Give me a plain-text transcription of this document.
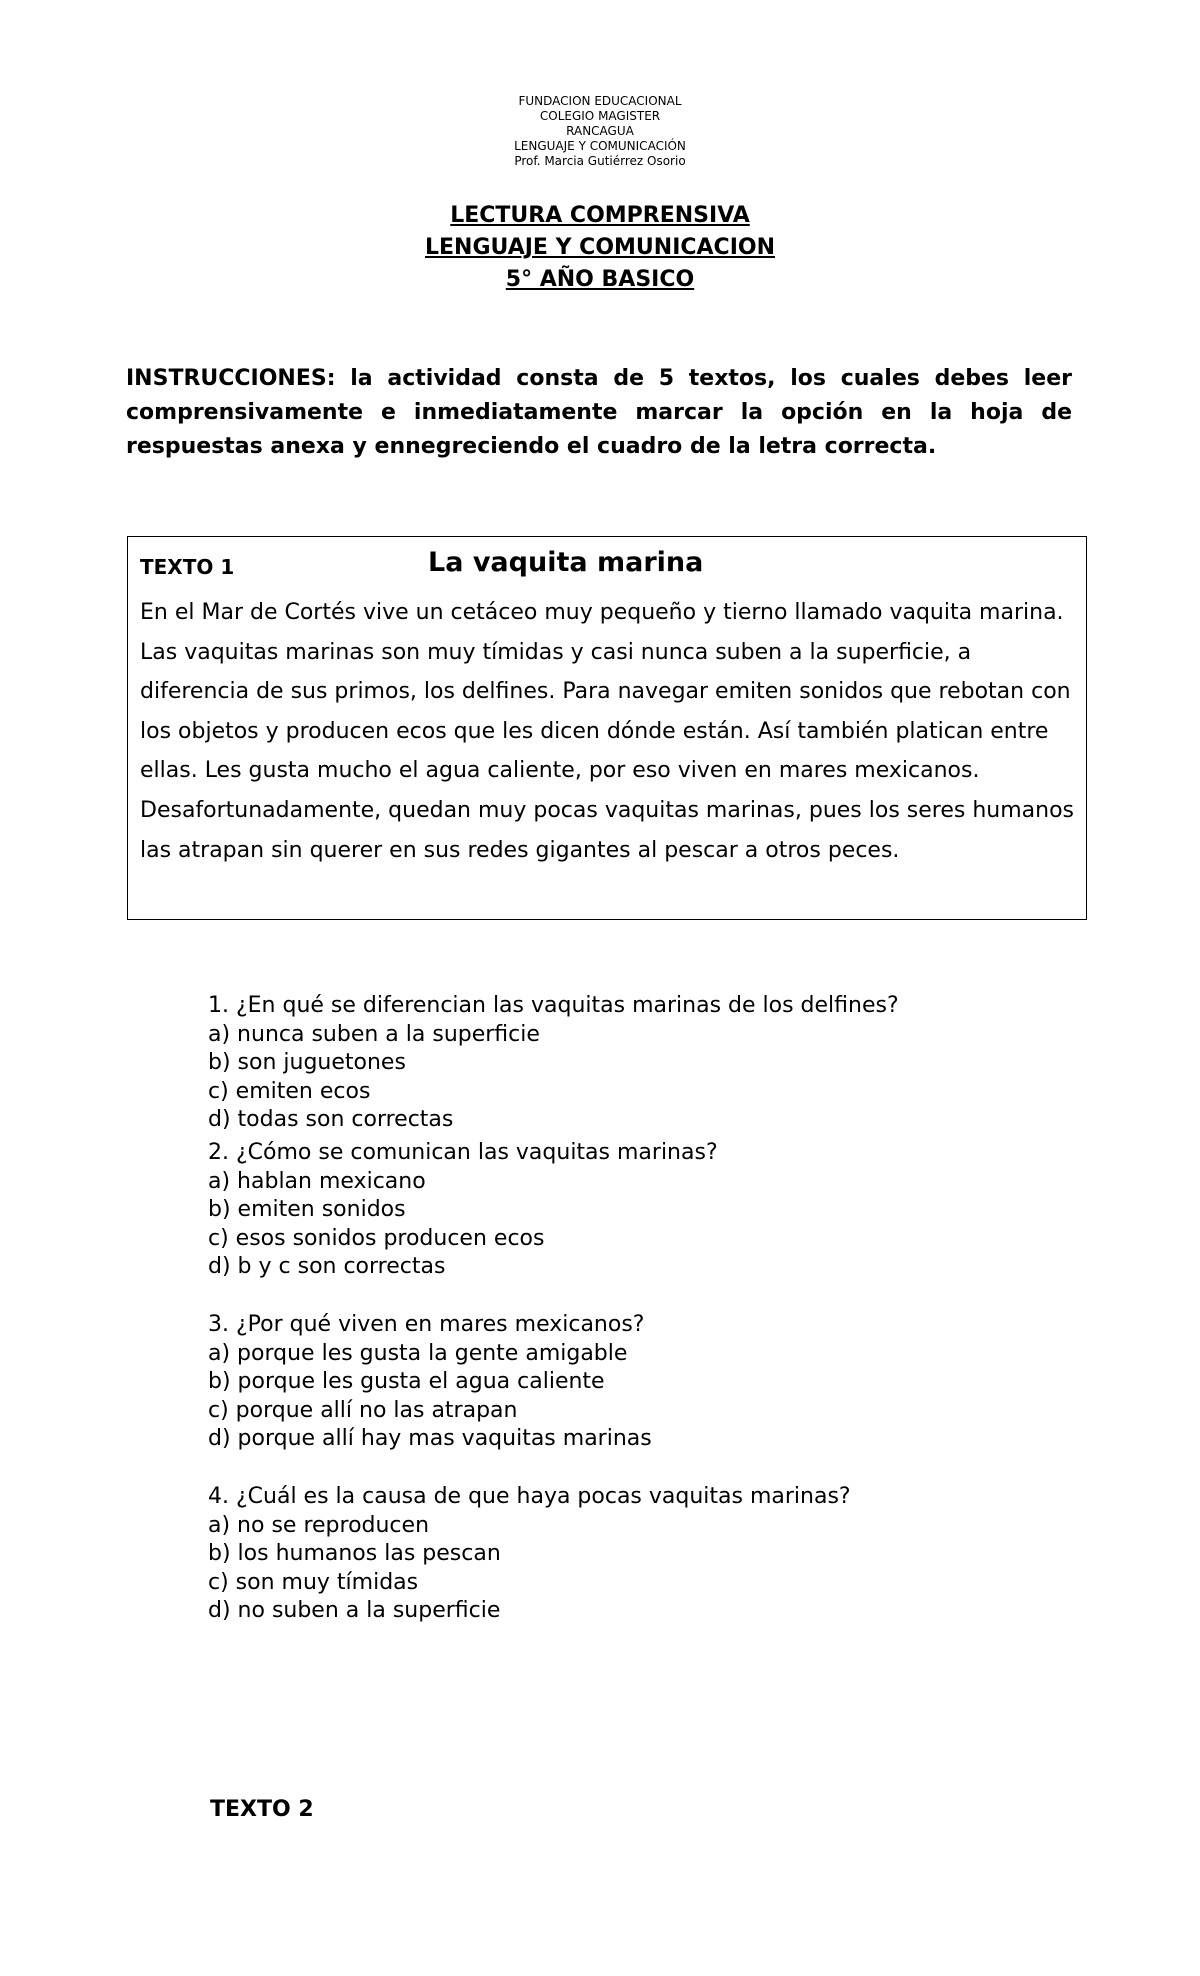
FUNDACION EDUCACIONAL
COLEGIO MAGISTER
RANCAGUA
LENGUAJE Y COMUNICACIÓN
Prof. Marcia Gutiérrez Osorio
LECTURA COMPRENSIVA
LENGUAJE Y COMUNICACION
5° AÑO BASICO
INSTRUCCIONES: la actividad consta de 5 textos, los cuales debes leer comprensivamente e inmediatamente marcar la opción en la hoja de respuestas anexa y ennegreciendo el cuadro de la letra correcta.
TEXTO 1	La vaquita marina
En el Mar de Cortés vive un cetáceo muy pequeño y tierno llamado vaquita marina. Las vaquitas marinas son muy tímidas y casi nunca suben a la superficie, a diferencia de sus primos, los delfines. Para navegar emiten sonidos que rebotan con los objetos y producen ecos que les dicen dónde están. Así también platican entre ellas. Les gusta mucho el agua caliente, por eso viven en mares mexicanos. Desafortunadamente, quedan muy pocas vaquitas marinas, pues los seres humanos las atrapan sin querer en sus redes gigantes al pescar a otros peces.
1. ¿En qué se diferencian las vaquitas marinas de los delfines?
a) nunca suben a la superficie
b) son juguetones
c) emiten ecos
d) todas son correctas
2. ¿Cómo se comunican las vaquitas marinas?
a) hablan mexicano
b) emiten sonidos
c) esos sonidos producen ecos
d) b y c son correctas
3. ¿Por qué viven en mares mexicanos?
a) porque les gusta la gente amigable
b) porque les gusta el agua caliente
c) porque allí no las atrapan
d) porque allí hay mas vaquitas marinas
4. ¿Cuál es la causa de que haya pocas vaquitas marinas?
a) no se reproducen
b) los humanos las pescan
c) son muy tímidas
d) no suben a la superficie
TEXTO 2
